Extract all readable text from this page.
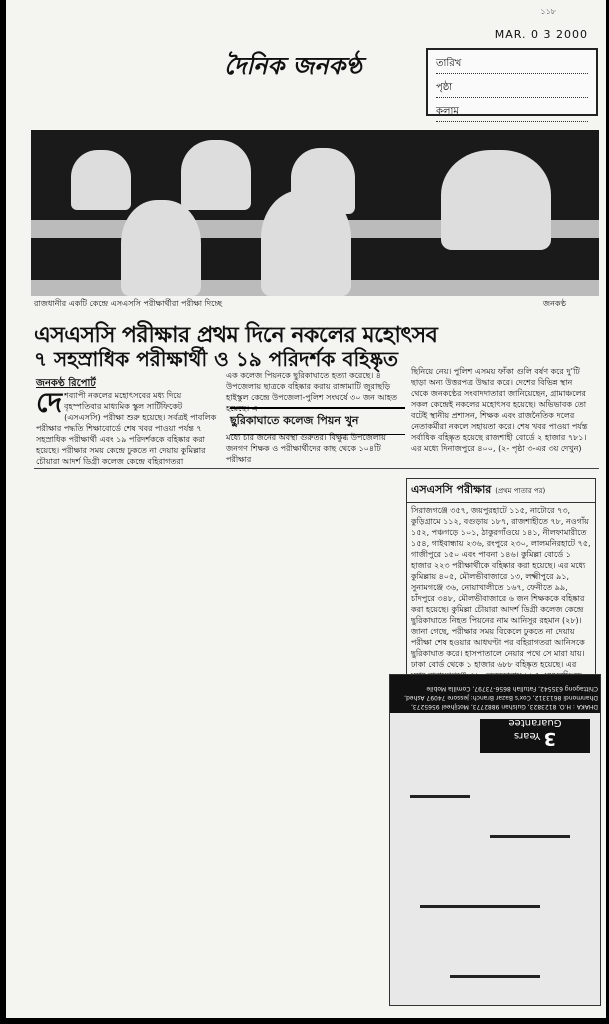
১১৮
MAR. 0 3 2000
দৈনিক জনকণ্ঠ	তারিখ
পৃষ্ঠা
কলাম
রাজধানীর একটি কেন্দ্রে এসএসসি পরীক্ষার্থীরা পরীক্ষা দিচ্ছে	জনকণ্ঠ
এসএসসি পরীক্ষার প্রথম দিনে নকলের মহোৎসব
৭ সহস্রাধিক পরীক্ষার্থী ও ১৯ পরিদর্শক বহিষ্কৃত
জনকণ্ঠ রিপোর্ট
দেশব্যাপী নকলের মহোৎসবের মধ্য দিয়ে বৃহস্পতিবার মাধ্যমিক স্কুল সার্টিফিকেট (এসএসসি) পরীক্ষা শুরু হয়েছে। সর্বত্রই পাবলিক পরীক্ষার পদ্ধতি শিক্ষাবোর্ডে শেষ খবর পাওয়া পর্যন্ত ৭ সহস্রাধিক পরীক্ষার্থী এবং ১৯ পরিদর্শককে বহিষ্কার করা হয়েছে। পরীক্ষার সময় কেন্দ্রে ঢুকতে না দেয়ায় কুমিল্লার চৌয়ারা আদর্শ ডিগ্রী কলেজ কেন্দ্রে বহিরাগতরা
এক কলেজ পিয়নকে ছুরিকাঘাতে হত্যা করেছে। ৪ উপজেলায় ছাত্রকে বহিষ্কার করায় রাঙ্গামাটি জুরাছড়ি হাইস্কুল কেন্দ্রে উপজেলা-পুলিশ সংঘর্ষে ৩০ জন আহত হয়েছে। এ
ছুরিকাঘাতে কলেজ পিয়ন খুন
মধ্যে চার জনের অবস্থা গুরুতর। বিক্ষুব্ধ উপজেলায় জনগণ শিক্ষক ও পরীক্ষার্থীদের কাছ থেকে ১০৪টি পরীক্ষার
ছিনিয়ে নেয়। পুলিশ এসময় ফাঁকা গুলি বর্ষণ করে দু’টি ছাড়া অন্য উত্তরপত্র উদ্ধার করে। দেশের বিভিন্ন স্থান থেকে জনকণ্ঠের সংবাদদাতারা জানিয়েছেন, গ্রামাঞ্চলের সকল কেন্দ্রেই নকলের মহোৎসব হয়েছে। অভিভাবক তো বটেই স্থানীয় প্রশাসন, শিক্ষক এবং রাজনৈতিক দলের নেতাকর্মীরা নকলে সহায়তা করে। শেষ খবর পাওয়া পর্যন্ত সর্বাধিক বহিষ্কৃত হয়েছে রাজশাহী বোর্ডে ২ হাজার ৭৮১। এর মধ্যে দিনাজপুরে ৪০০, (২- পৃষ্ঠা ৩-এর ৩য় দেখুন)
এসএসসি পরীক্ষার (প্রথম পাতার পর)
সিরাজগঞ্জে ৩৫৭, জয়পুরহাটে ১১৫, নাটোরে ৭৩, কুড়িগ্রামে ১১২, বগুড়ায় ১৮৭, রাজশাহীতে ৭৮, নওগাঁয় ১৫২, পঞ্চগড়ে ১০১, ঠাকুরগাঁওয়ে ১৪১, নীলফামারীতে ১৫৪, গাইবান্ধায় ২৩৬, রংপুরে ২৩০, লালমনিরহাটে ৭৫, গাজীপুরে ১৫০ এবং পাবনা ১৪৬। কুমিল্লা বোর্ডে ১ হাজার ২২৩ পরীক্ষার্থীকে বহিষ্কার করা হয়েছে। এর মধ্যে কুমিল্লায় ৪০৫, মৌলভীবাজারে ১৩, লক্ষ্মীপুরে ৯১, সুনামগঞ্জে ৩৬, নোয়াখালীতে ১৬৭, ফেনীতে ৯৯, চাঁদপুরে ৩৪৮, মৌলভীবাজারে ৬ জন শিক্ষককে বহিষ্কার করা হয়েছে। কুমিল্লা চৌয়ারা আদর্শ ডিগ্রী কলেজ কেন্দ্রে ছুরিকাঘাতে নিহত পিয়নের নাম আনিসুর রহমান (২৮)। জানা গেছে, পরীক্ষার সময় বিকেলে ঢুকতে না দেয়ায় পরীক্ষা শেষ হওয়ার আধঘণ্টা পর বহিরাগতরা আনিসকে ছুরিকাঘাত করে। হাসপাতালে নেয়ার পথে সে মারা যায়। ঢাকা বোর্ড থেকে ১ হাজার ৬৮৮ বহিষ্কৃত হয়েছে। এর
DHAKA : H.O. 8123823, Gulshan 9882773, Motijheel 9565273, Dhanmondi 8613312, Cox's Bazar Branch: Jessore 74097 Ashed, Chittagong 635542, Fatullah 8656-73797, Comilla Mobile
3 Years
Guarantee
